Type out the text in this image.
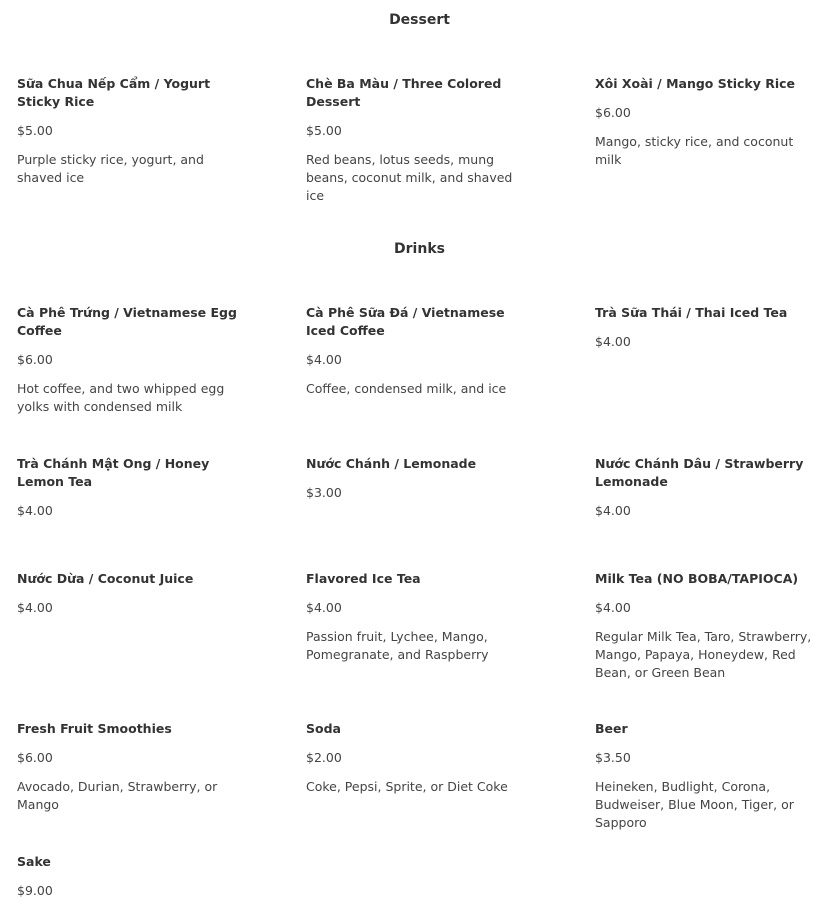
Dessert
Sữa Chua Nếp Cẩm / Yogurt Sticky Rice
$5.00
Purple sticky rice, yogurt, and shaved ice
Chè Ba Màu / Three Colored Dessert
$5.00
Red beans, lotus seeds, mung beans, coconut milk, and shaved ice
Xôi Xoài / Mango Sticky Rice
$6.00
Mango, sticky rice, and coconut milk
Drinks
Cà Phê Trứng / Vietnamese Egg Coffee
$6.00
Hot coffee, and two whipped egg yolks with condensed milk
Cà Phê Sữa Đá / Vietnamese Iced Coffee
$4.00
Coffee, condensed milk, and ice
Trà Sữa Thái / Thai Iced Tea
$4.00
Trà Chánh Mật Ong / Honey Lemon Tea
$4.00
Nước Chánh / Lemonade
$3.00
Nước Chánh Dâu / Strawberry Lemonade
$4.00
Nước Dừa / Coconut Juice
$4.00
Flavored Ice Tea
$4.00
Passion fruit, Lychee, Mango, Pomegranate, and Raspberry
Milk Tea (NO BOBA/TAPIOCA)
$4.00
Regular Milk Tea, Taro, Strawberry, Mango, Papaya, Honeydew, Red Bean, or Green Bean
Fresh Fruit Smoothies
$6.00
Avocado, Durian, Strawberry, or Mango
Soda
$2.00
Coke, Pepsi, Sprite, or Diet Coke
Beer
$3.50
Heineken, Budlight, Corona, Budweiser, Blue Moon, Tiger, or Sapporo
Sake
$9.00
